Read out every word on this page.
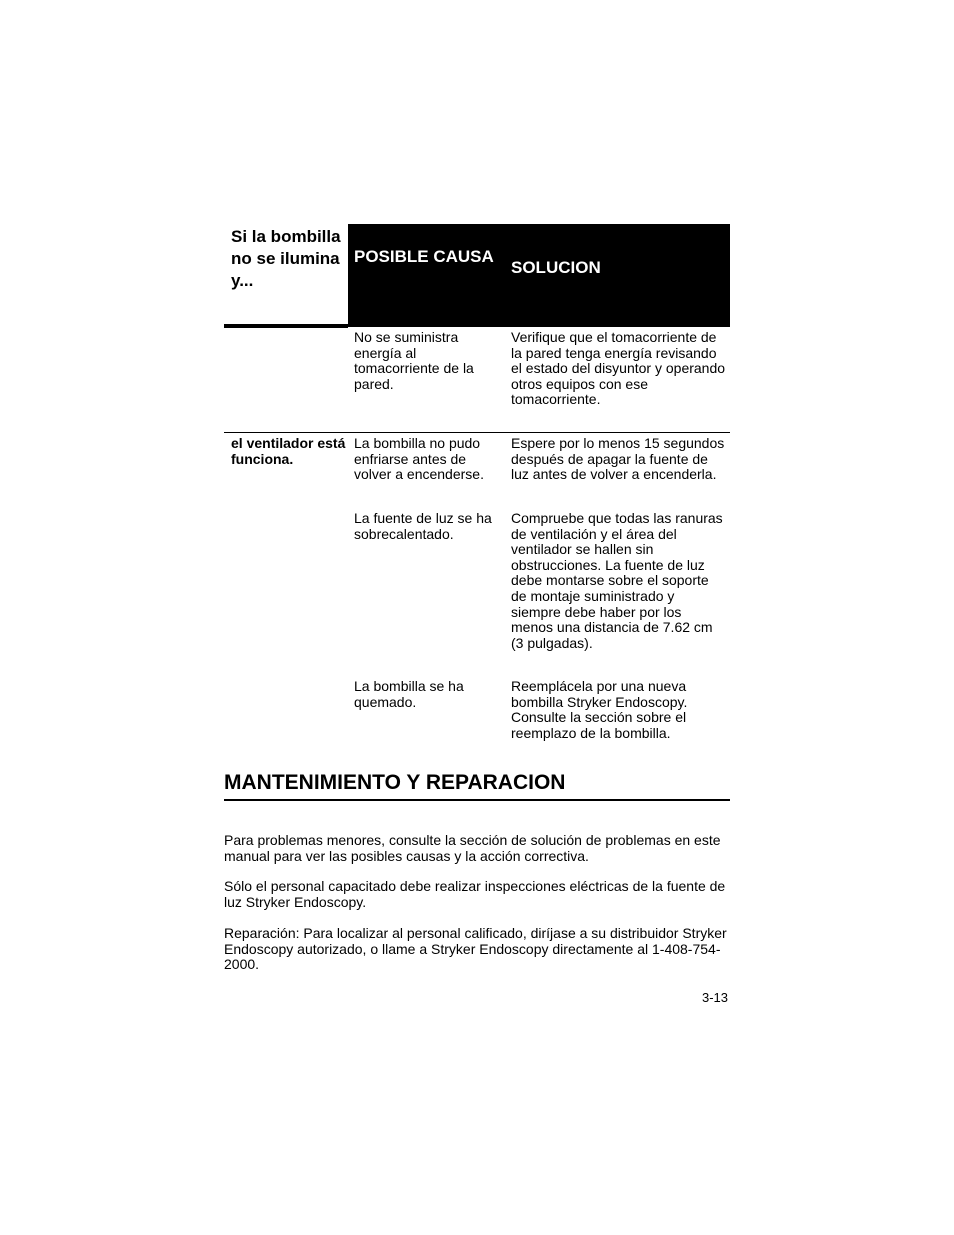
Si la bombilla no se ilumina y...
POSIBLE CAUSA
SOLUCION
No se suministra energía al tomacorriente de la pared.
Verifique que el tomacorriente de la pared tenga energía revisando el estado del disyuntor y operando otros equipos con ese tomacorriente.
el ventilador está funciona.
La bombilla no pudo enfriarse antes de volver a encenderse.
Espere por lo menos 15 segundos después de apagar la fuente de luz antes de volver a encenderla.
La fuente de luz se ha sobrecalentado.
Compruebe que todas las ranuras de ventilación y el área del ventilador se hallen sin obstrucciones. La fuente de luz debe montarse sobre el soporte de montaje suministrado y siempre debe haber por los menos una distancia de 7.62 cm (3 pulgadas).
La bombilla se ha quemado.
Reemplácela por una nueva bombilla Stryker Endoscopy. Consulte la sección sobre el reemplazo de la bombilla.
MANTENIMIENTO Y REPARACION
Para problemas menores, consulte la sección de solución de problemas en este manual para ver las posibles causas y la acción correctiva.
Sólo el personal capacitado debe realizar inspecciones eléctricas de la fuente de luz Stryker Endoscopy.
Reparación: Para localizar al personal calificado, diríjase a su distribuidor Stryker Endoscopy autorizado, o llame a Stryker Endoscopy directamente al 1-408-754-2000.
3-13
